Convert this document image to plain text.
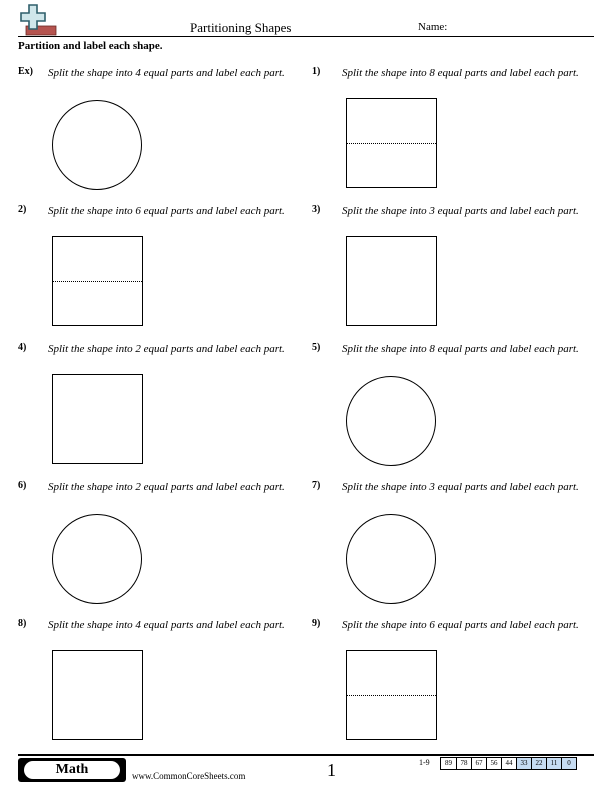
Partitioning Shapes	Name:
Partition and label each shape.
Ex) Split the shape into 4 equal parts and label each part.	1) Split the shape into 8 equal parts and label each part.
2) Split the shape into 6 equal parts and label each part.	3) Split the shape into 3 equal parts and label each part.
4) Split the shape into 2 equal parts and label each part.	5) Split the shape into 8 equal parts and label each part.
6) Split the shape into 2 equal parts and label each part.	7) Split the shape into 3 equal parts and label each part.
8) Split the shape into 4 equal parts and label each part.	9) Split the shape into 6 equal parts and label each part.
Math	www.CommonCoreSheets.com	1	1-9	89	78	67	56	44	33	22	11	0
